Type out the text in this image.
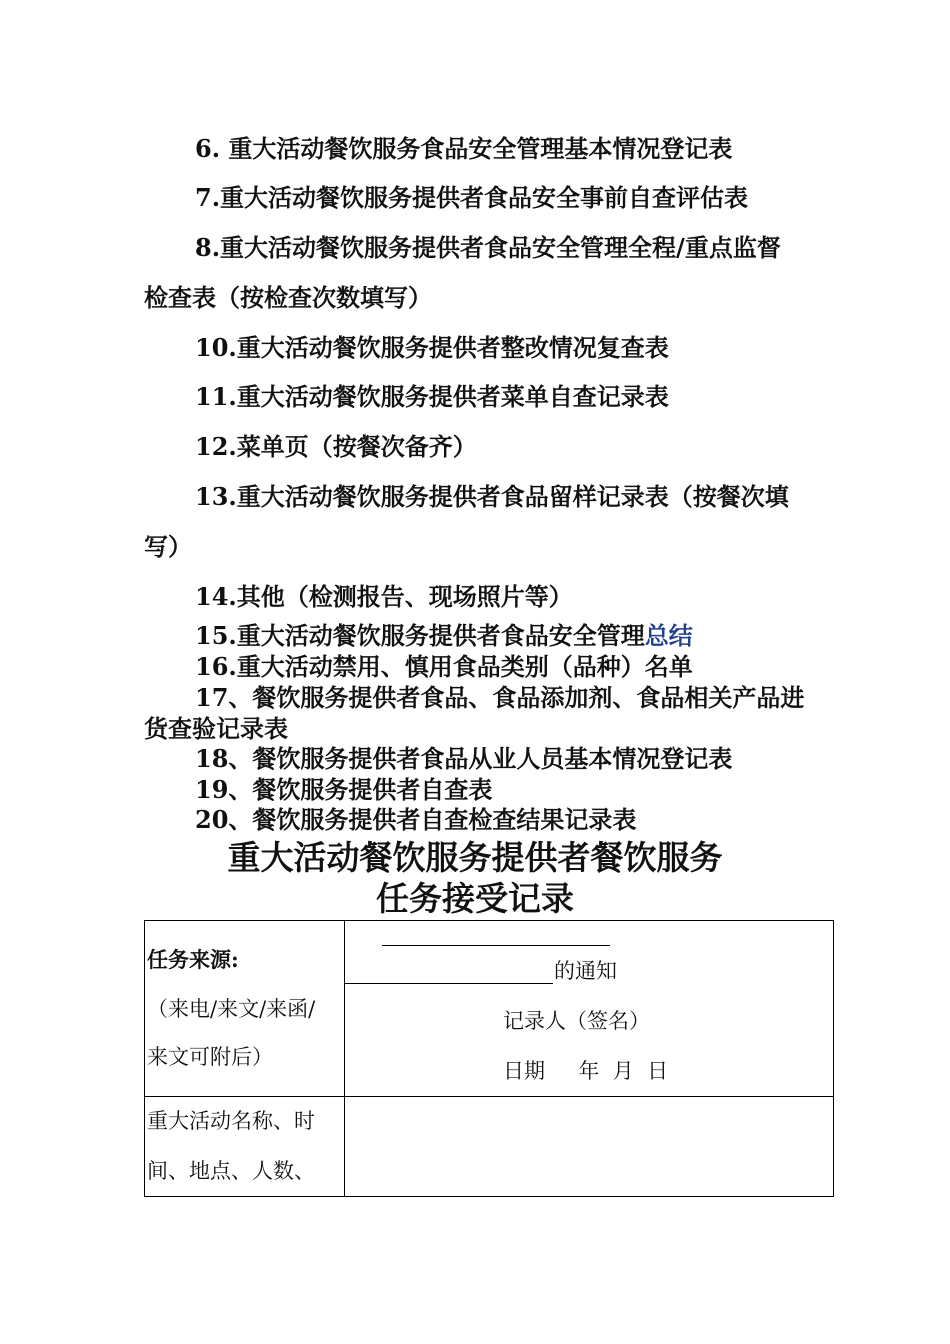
6. 重大活动餐饮服务食品安全管理基本情况登记表
7.重大活动餐饮服务提供者食品安全事前自查评估表
8.重大活动餐饮服务提供者食品安全管理全程/重点监督
检查表（按检查次数填写）
10.重大活动餐饮服务提供者整改情况复查表
11.重大活动餐饮服务提供者菜单自查记录表
12.菜单页（按餐次备齐）
13.重大活动餐饮服务提供者食品留样记录表（按餐次填
写）
14.其他（检测报告、现场照片等）
15.重大活动餐饮服务提供者食品安全管理总结
16.重大活动禁用、慎用食品类别（品种）名单
17、餐饮服务提供者食品、食品添加剂、食品相关产品进
货查验记录表
18、餐饮服务提供者食品从业人员基本情况登记表
19、餐饮服务提供者自查表
20、餐饮服务提供者自查检查结果记录表
重大活动餐饮服务提供者餐饮服务
任务接受记录
任务来源:
（来电/来文/来函/
来文可附后）
的通知
记录人（签名）
日期     年  月  日
重大活动名称、时
间、地点、人数、
